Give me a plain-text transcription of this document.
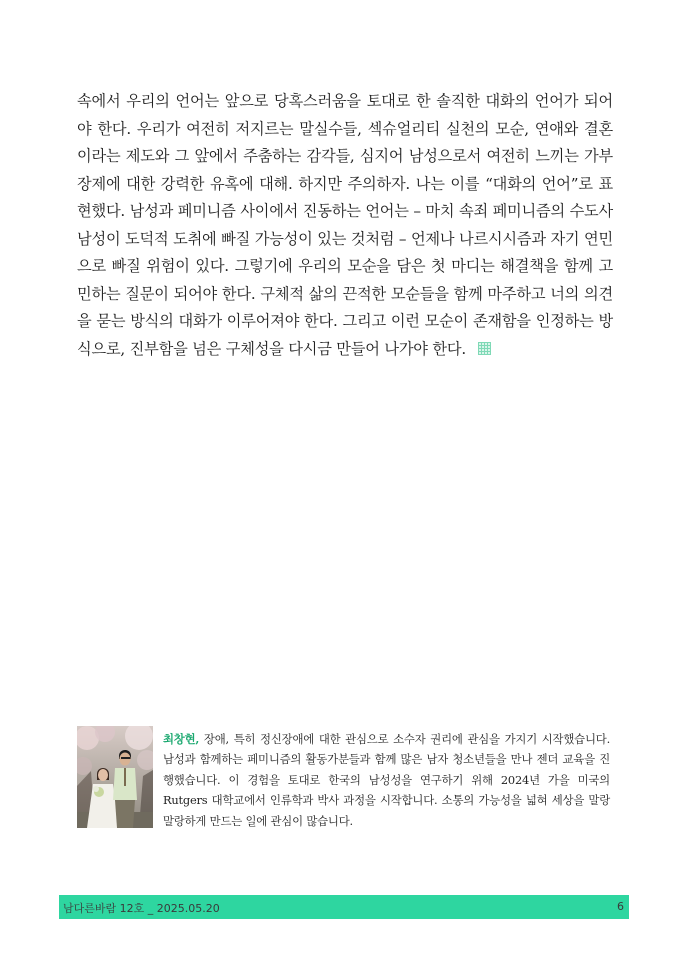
속에서 우리의 언어는 앞으로 당혹스러움을 토대로 한 솔직한 대화의 언어가 되어야 한다. 우리가 여전히 저지르는 말실수들, 섹슈얼리티 실천의 모순, 연애와 결혼이라는 제도와 그 앞에서 주춤하는 감각들, 심지어 남성으로서 여전히 느끼는 가부장제에 대한 강력한 유혹에 대해. 하지만 주의하자. 나는 이를 “대화의 언어”로 표현했다. 남성과 페미니즘 사이에서 진동하는 언어는 – 마치 속죄 페미니즘의 수도사 남성이 도덕적 도취에 빠질 가능성이 있는 것처럼 – 언제나 나르시시즘과 자기 연민으로 빠질 위험이 있다. 그렇기에 우리의 모순을 담은 첫 마디는 해결책을 함께 고민하는 질문이 되어야 한다. 구체적 삶의 끈적한 모순들을 함께 마주하고 너의 의견을 묻는 방식의 대화가 이루어져야 한다. 그리고 이런 모순이 존재함을 인정하는 방식으로, 진부함을 넘은 구체성을 다시금 만들어 나가야 한다.

최창현, 장애, 특히 정신장애에 대한 관심으로 소수자 권리에 관심을 가지기 시작했습니다. 남성과 함께하는 페미니즘의 활동가분들과 함께 많은 남자 청소년들을 만나 젠더 교육을 진행했습니다. 이 경험을 토대로 한국의 남성성을 연구하기 위해 2024년 가을 미국의 Rutgers 대학교에서 인류학과 박사 과정을 시작합니다. 소통의 가능성을 넓혀 세상을 말랑말랑하게 만드는 일에 관심이 많습니다.

남다른바람 12호 _ 2025.05.20	6
